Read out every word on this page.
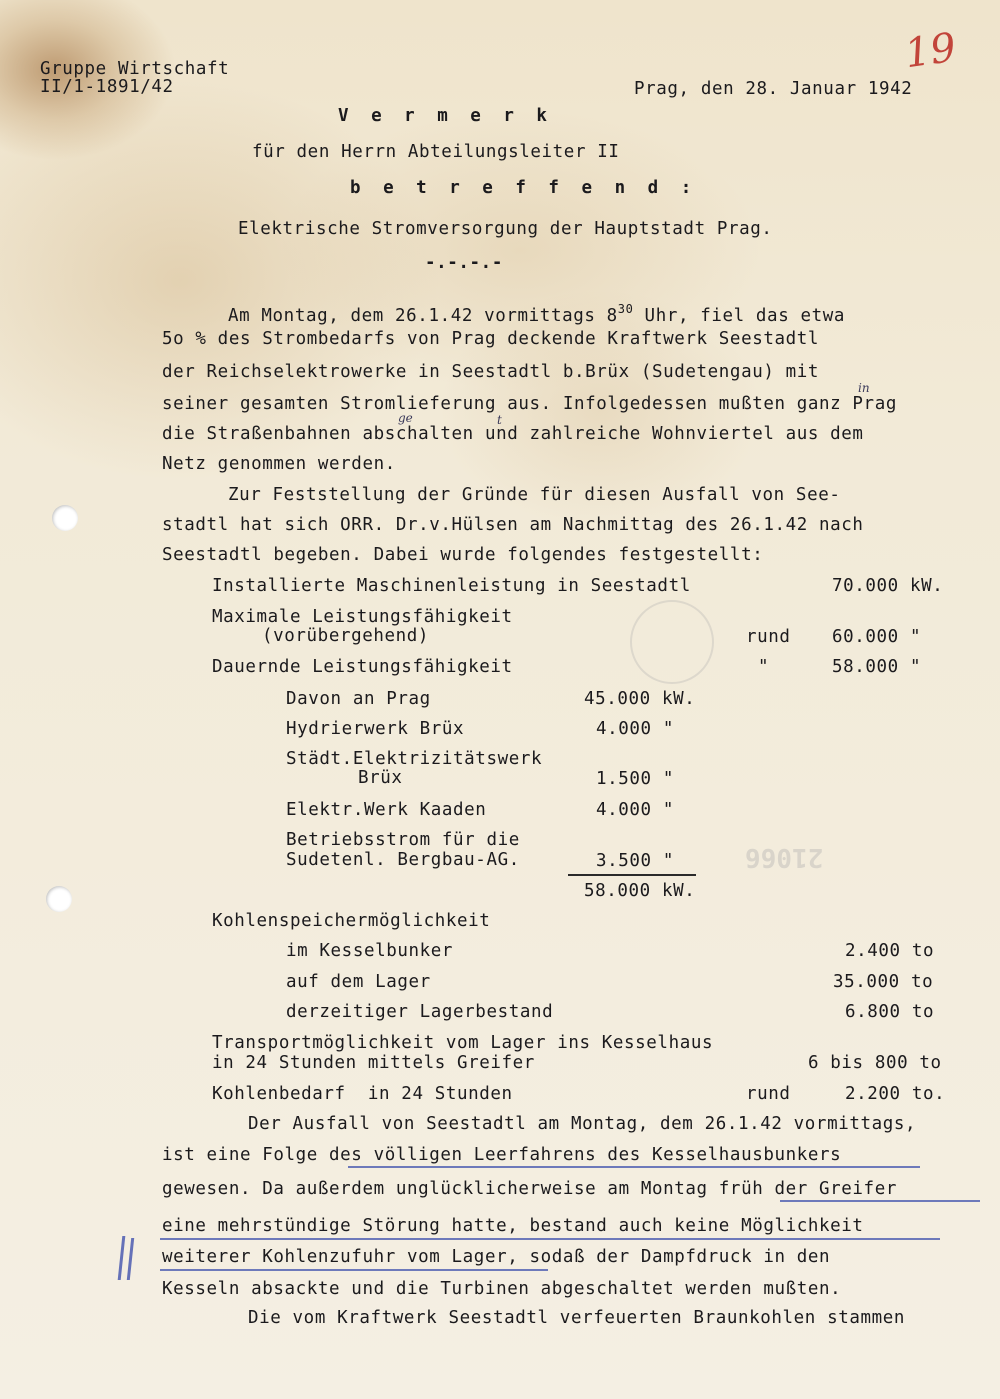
21066
19
Gruppe Wirtschaft
II/1-1891/42	Prag, den 28. Januar 1942
V e r m e r k
für den Herrn Abteilungsleiter II
b e t r e f f e n d :
Elektrische Stromversorgung der Hauptstadt Prag.
-.-.-.-
Am Montag, dem 26.1.42 vormittags $8^{30}$ Uhr, fiel das etwa
5o % des Strombedarfs von Prag deckende Kraftwerk Seestadtl
der Reichselektrowerke in Seestadtl b.Brüx (Sudetengau) mit
seiner gesamten Stromlieferung aus. Infolgedessen mußten ganz Prag
die Straßenbahnen abschalten und zahlreiche Wohnviertel aus dem
Netz genommen werden.
in
ge	t
Zur Feststellung der Gründe für diesen Ausfall von See-
stadtl hat sich ORR. Dr.v.Hülsen am Nachmittag des 26.1.42 nach
Seestadtl begeben. Dabei wurde folgendes festgestellt:
Installierte Maschinenleistung in Seestadtl	70.000 kW.
Maximale Leistungsfähigkeit
(vorübergehend)	rund 60.000 "
Dauernde Leistungsfähigkeit	"	58.000 "
Davon an Prag	45.000 kW.
Hydrierwerk Brüx	4.000 "
Städt.Elektrizitätswerk
Brüx	1.500 "
Elektr.Werk Kaaden	4.000 "
Betriebsstrom für die
Sudetenl. Bergbau-AG.	3.500 "
58.000 kW.
Kohlenspeichermöglichkeit
im Kesselbunker	2.400 to
auf dem Lager	35.000 to
derzeitiger Lagerbestand	6.800 to
Transportmöglichkeit vom Lager ins Kesselhaus
in 24 Stunden mittels Greifer	6 bis 800 to
Kohlenbedarf  in 24 Stunden	rund	2.200 to.
Der Ausfall von Seestadtl am Montag, dem 26.1.42 vormittags,
ist eine Folge des völligen Leerfahrens des Kesselhausbunkers
gewesen. Da außerdem unglücklicherweise am Montag früh der Greifer
eine mehrstündige Störung hatte, bestand auch keine Möglichkeit
weiterer Kohlenzufuhr vom Lager, sodaß der Dampfdruck in den
Kesseln absackte und die Turbinen abgeschaltet werden mußten.
Die vom Kraftwerk Seestadtl verfeuerten Braunkohlen stammen
